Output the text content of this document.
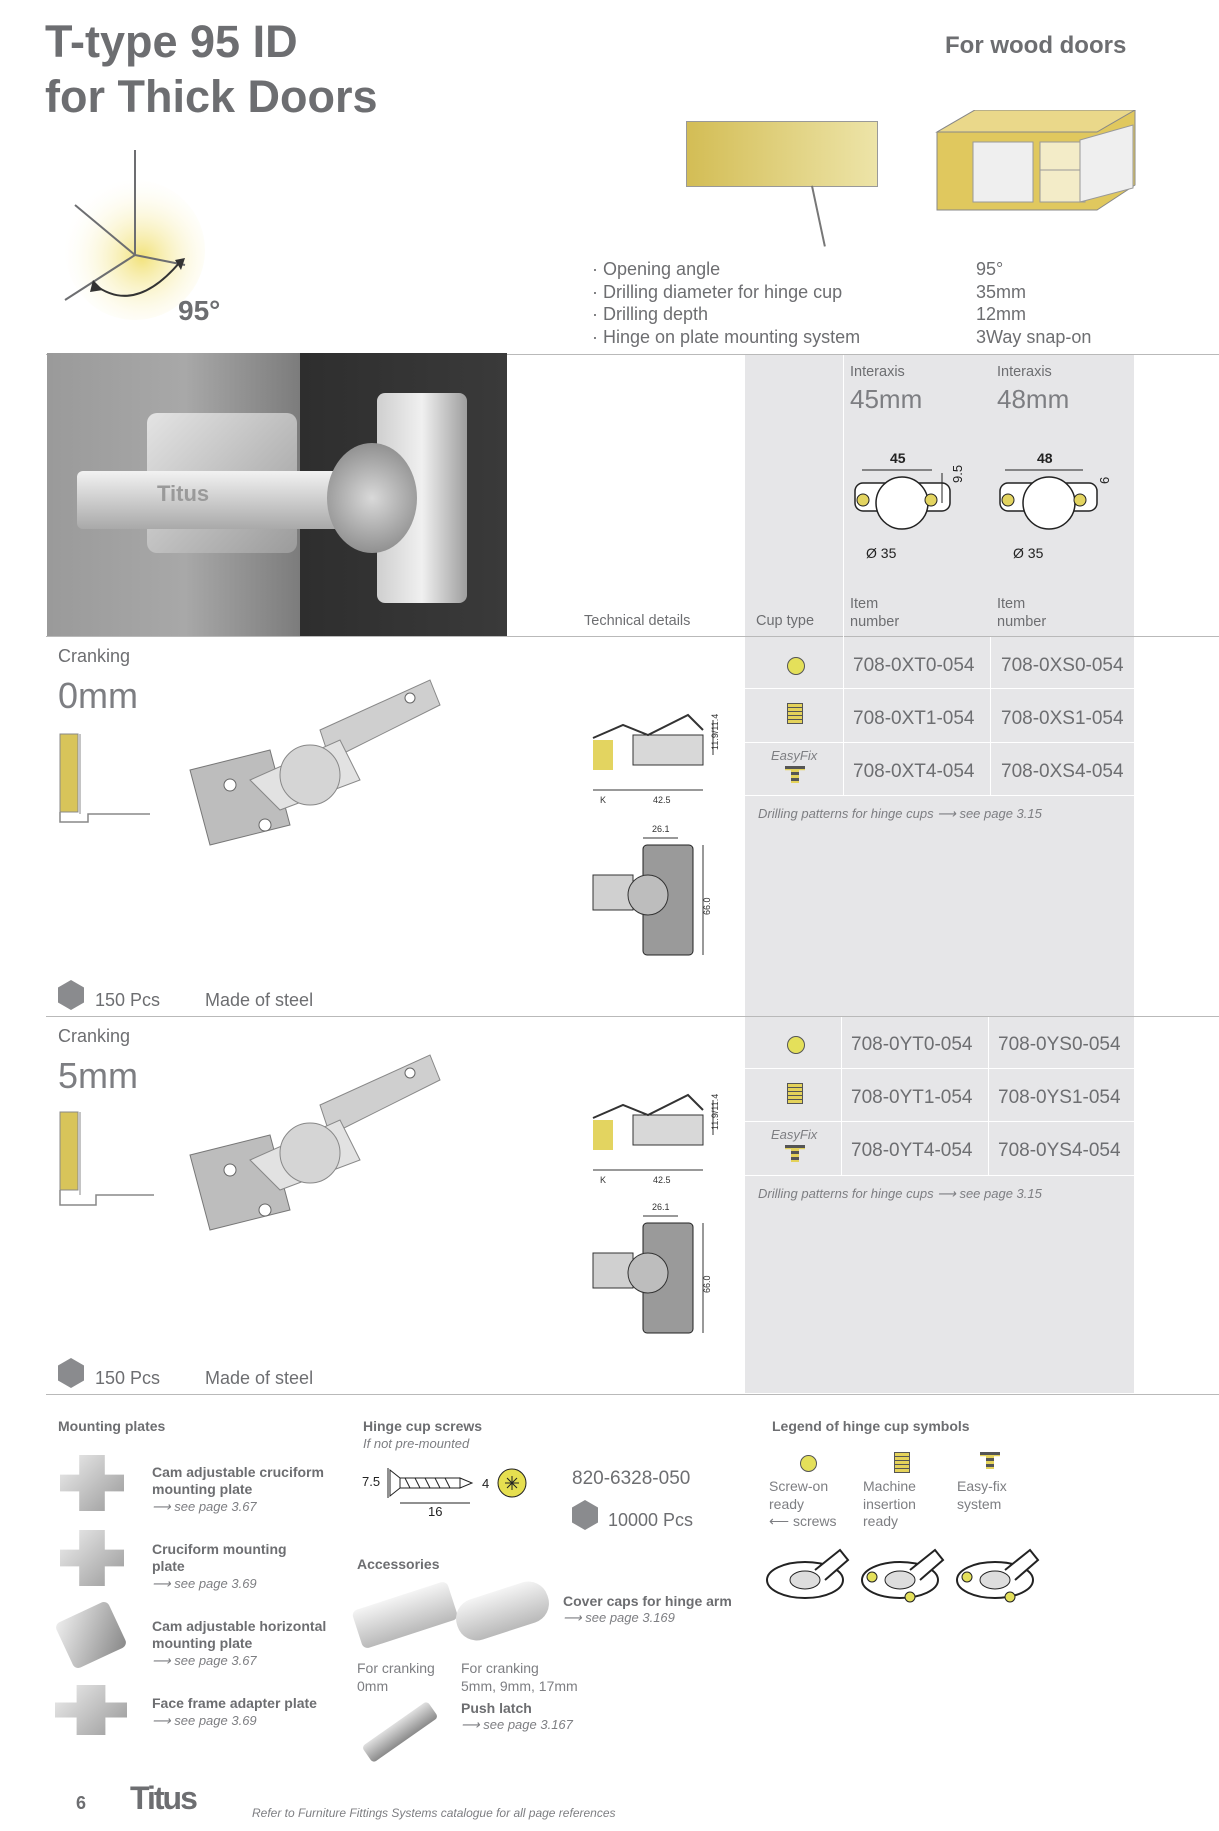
T-type 95 ID
for Thick Doors
For wood doors
95°
· Opening angle	95°
· Drilling diameter for hinge cup	35mm
· Drilling depth	12mm
· Hinge on plate mounting system	3Way snap-on
Titus
Technical details	Cup type
Interaxis
45mm
Interaxis
48mm
45
9.5
Ø 35
48
6
Ø 35
Item
number
Item
number
Cranking
0mm
11.9/11.4
K	42.5
26.1
66.0
EasyFix
708-0XT0-054 708-0XS0-054
708-0XT1-054 708-0XS1-054
708-0XT4-054 708-0XS4-054
Drilling patterns for hinge cups ⟶ see page 3.15
150 Pcs Made of steel
Cranking
5mm
11.9/11.4
K	42.5
26.1
66.0
EasyFix
708-0YT0-054 708-0YS0-054
708-0YT1-054 708-0YS1-054
708-0YT4-054 708-0YS4-054
Drilling patterns for hinge cups ⟶ see page 3.15
150 Pcs Made of steel
Mounting plates
Cam adjustable cruciform
mounting plate
⟶ see page 3.67
Cruciform mounting
plate
⟶ see page 3.69
Cam adjustable horizontal
mounting plate
⟶ see page 3.67
Face frame adapter plate
⟶ see page 3.69
Hinge cup screws
If not pre-mounted
7.5	4
16
820-6328-050
10000 Pcs
Accessories
Cover caps for hinge arm
⟶ see page 3.169
For cranking
0mm
For cranking
5mm, 9mm, 17mm
Push latch
⟶ see page 3.167
Legend of hinge cup symbols
Screw-on
ready
⟵ screws
Machine
insertion
ready
Easy-fix
system
6 Titus	Refer to Furniture Fittings Systems catalogue for all page references
